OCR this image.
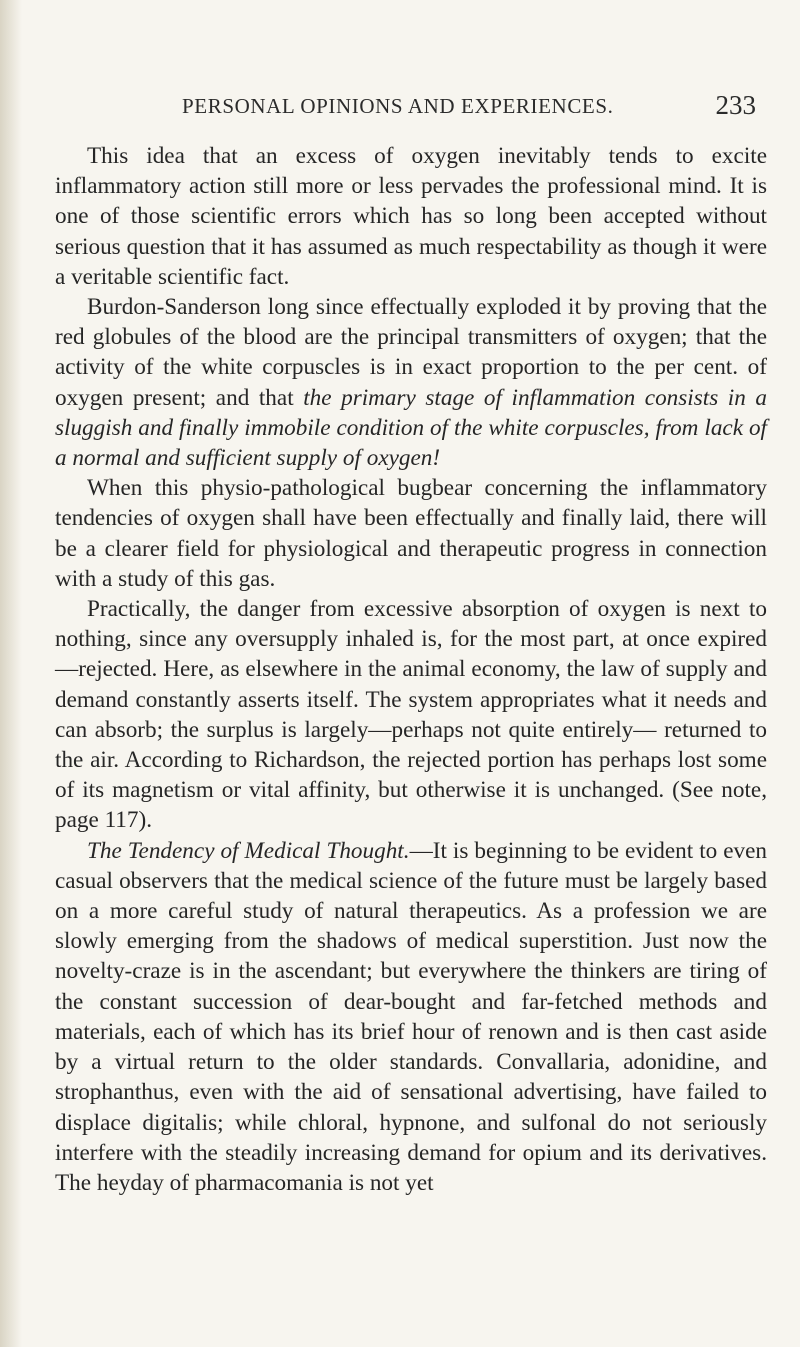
PERSONAL OPINIONS AND EXPERIENCES.	233

This idea that an excess of oxygen inevitably tends to excite inflammatory action still more or less pervades the professional mind. It is one of those scientific errors which has so long been accepted without serious question that it has assumed as much respectability as though it were a veritable scientific fact.

Burdon-Sanderson long since effectually exploded it by proving that the red globules of the blood are the principal transmitters of oxygen; that the activity of the white corpuscles is in exact proportion to the per cent. of oxygen present; and that the primary stage of inflammation consists in a sluggish and finally immobile condition of the white corpuscles, from lack of a normal and sufficient supply of oxygen!

When this physio-pathological bugbear concerning the inflammatory tendencies of oxygen shall have been effectually and finally laid, there will be a clearer field for physiological and therapeutic progress in connection with a study of this gas.

Practically, the danger from excessive absorption of oxygen is next to nothing, since any oversupply inhaled is, for the most part, at once expired—rejected. Here, as elsewhere in the animal economy, the law of supply and demand constantly asserts itself. The system appropriates what it needs and can absorb; the surplus is largely—perhaps not quite entirely— returned to the air. According to Richardson, the rejected portion has perhaps lost some of its magnetism or vital affinity, but otherwise it is unchanged. (See note, page 117).

The Tendency of Medical Thought.—It is beginning to be evident to even casual observers that the medical science of the future must be largely based on a more careful study of natural therapeutics. As a profession we are slowly emerging from the shadows of medical superstition. Just now the novelty-craze is in the ascendant; but everywhere the thinkers are tiring of the constant succession of dear-bought and far-fetched methods and materials, each of which has its brief hour of renown and is then cast aside by a virtual return to the older standards. Convallaria, adonidine, and strophanthus, even with the aid of sensational advertising, have failed to displace digitalis; while chloral, hypnone, and sulfonal do not seriously interfere with the steadily increasing demand for opium and its derivatives. The heyday of pharmacomania is not yet
